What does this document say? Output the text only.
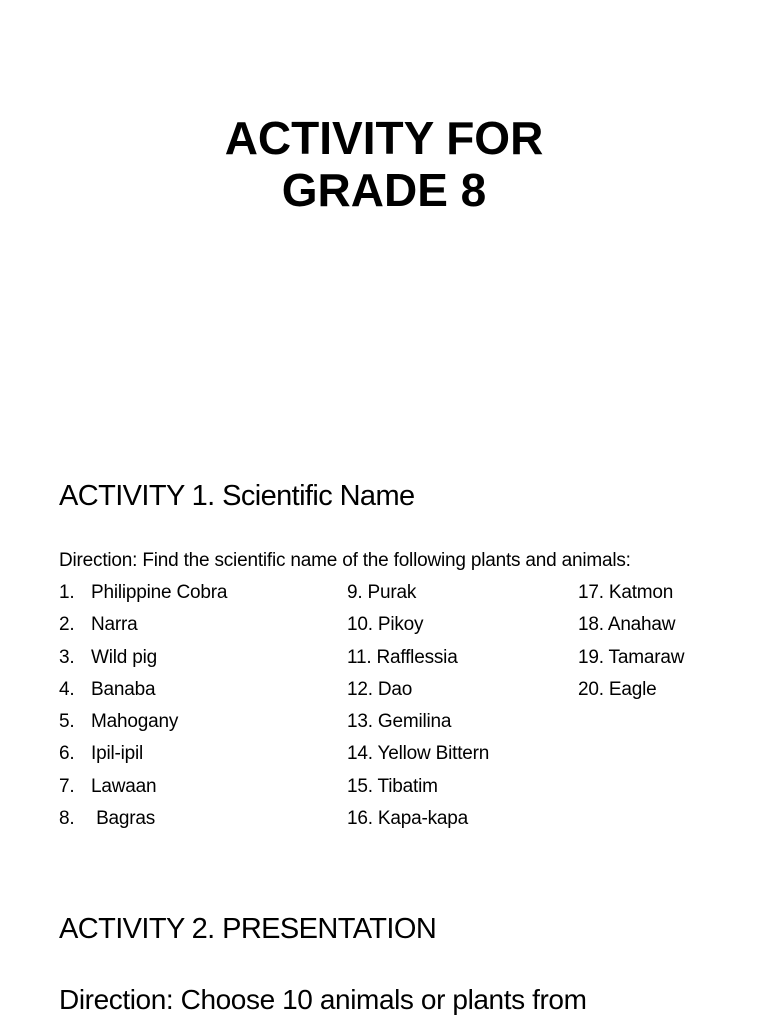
ACTIVITY FOR
GRADE 8
ACTIVITY 1. Scientific Name
Direction: Find the scientific name of the following plants and animals:
1. Philippine Cobra
2. Narra
3. Wild pig
4. Banaba
5. Mahogany
6. Ipil-ipil
7. Lawaan
8. Bagras
9. Purak
10. Pikoy
11. Rafflessia
12. Dao
13. Gemilina
14. Yellow Bittern
15. Tibatim
16. Kapa-kapa
17. Katmon
18. Anahaw
19. Tamaraw
20. Eagle
ACTIVITY 2. PRESENTATION
Direction: Choose 10 animals or plants from
